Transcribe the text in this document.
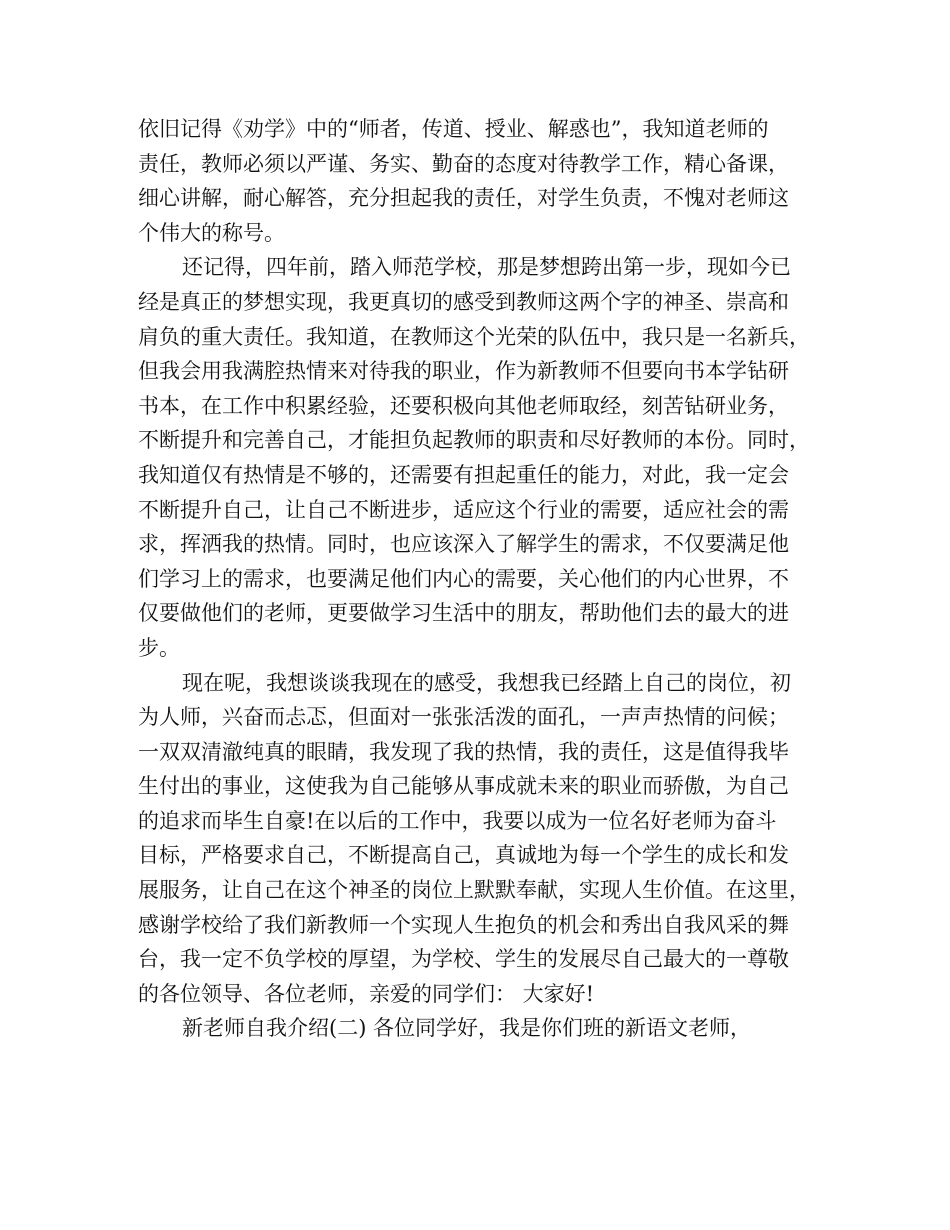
依旧记得《劝学》中的“师者，传道、授业、解惑也”，我知道老师的
责任，教师必须以严谨、务实、勤奋的态度对待教学工作，精心备课，
细心讲解，耐心解答，充分担起我的责任，对学生负责，不愧对老师这
个伟大的称号。
还记得，四年前，踏入师范学校，那是梦想跨出第一步，现如今已
经是真正的梦想实现，我更真切的感受到教师这两个字的神圣、崇高和
肩负的重大责任。我知道，在教师这个光荣的队伍中，我只是一名新兵，
但我会用我满腔热情来对待我的职业，作为新教师不但要向书本学钻研
书本，在工作中积累经验，还要积极向其他老师取经，刻苦钻研业务，
不断提升和完善自己，才能担负起教师的职责和尽好教师的本份。同时，
我知道仅有热情是不够的，还需要有担起重任的能力，对此，我一定会
不断提升自己，让自己不断进步，适应这个行业的需要，适应社会的需
求，挥洒我的热情。同时，也应该深入了解学生的需求，不仅要满足他
们学习上的需求，也要满足他们内心的需要，关心他们的内心世界，不
仅要做他们的老师，更要做学习生活中的朋友，帮助他们去的最大的进
步。
现在呢，我想谈谈我现在的感受，我想我已经踏上自己的岗位，初
为人师，兴奋而忐忑，但面对一张张活泼的面孔，一声声热情的问候；
一双双清澈纯真的眼睛，我发现了我的热情，我的责任，这是值得我毕
生付出的事业，这使我为自己能够从事成就未来的职业而骄傲，为自己
的追求而毕生自豪!在以后的工作中，我要以成为一位名好老师为奋斗
目标，严格要求自己，不断提高自己，真诚地为每一个学生的成长和发
展服务，让自己在这个神圣的岗位上默默奉献，实现人生价值。在这里，
感谢学校给了我们新教师一个实现人生抱负的机会和秀出自我风采的舞
台，我一定不负学校的厚望，为学校、学生的发展尽自己最大的一尊敬
的各位领导、各位老师，亲爱的同学们： 大家好!
新老师自我介绍(二) 各位同学好，我是你们班的新语文老师，
